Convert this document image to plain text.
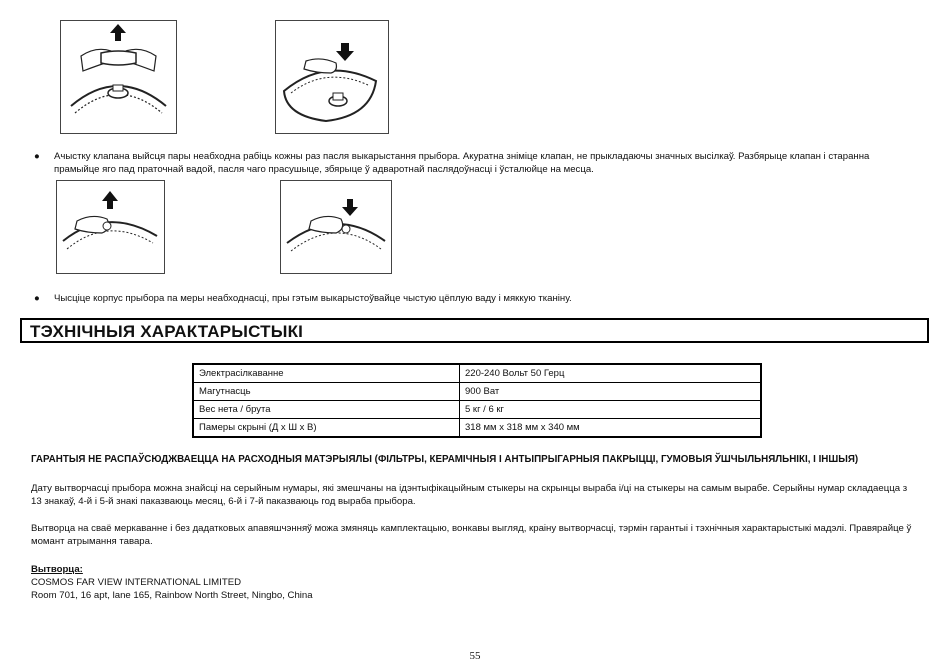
● Ачыстку клапана выйсця пары неабходна рабіць кожны раз пасля выкарыстання прыбора. Акуратна зніміце клапан, не прыкладаючы значных высілкаў. Разбярыце клапан і старанна
прамыйце яго пад праточнай вадой, пасля чаго прасушыце, збярыце ў адваротнай паслядоўнасці і ўсталюйце на месца.
● Чысціце корпус прыбора па меры неабходнасці, пры гэтым выкарыстоўвайце чыстую цёплую ваду і мяккую тканіну.
ТЭХНІЧНЫЯ ХАРАКТАРЫСТЫКІ
Электрасілкаванне	220-240 Вольт 50 Герц
Магутнасць	900 Ват
Вес нета / брута	5 кг / 6 кг
Памеры скрыні (Д х Ш х В)	318 мм х 318 мм х 340 мм
ГАРАНТЫЯ НЕ РАСПАЎСЮДЖВАЕЦЦА НА РАСХОДНЫЯ МАТЭРЫЯЛЫ (ФІЛЬТРЫ, КЕРАМІЧНЫЯ І АНТЫПРЫГАРНЫЯ ПАКРЫЦЦІ, ГУМОВЫЯ ЎШЧЫЛЬНЯЛЬНІКІ, І ІНШЫЯ)
Дату вытворчасці прыбора можна знайсці на серыйным нумары, які змешчаны на ідэнтыфікацыйным стыкеры на скрынцы выраба і/ці на стыкеры на самым вырабе. Серыйны нумар складаецца з
13 знакаў, 4-й і 5-й знакі паказваюць месяц, 6-й і 7-й паказваюць год выраба прыбора.
Вытворца на сваё меркаванне і без дадатковых апавяшчэнняў можа змяняць камплектацыю, вонкавы выгляд, краіну вытворчасці, тэрмін гарантыі і тэхнічныя характарыстыкі мадэлі. Правярайце ў
момант атрымання тавара.
Вытворца:
COSMOS FAR VIEW INTERNATIONAL LIMITED
Room 701, 16 apt, lane 165, Rainbow North Street, Ningbo, China
55
